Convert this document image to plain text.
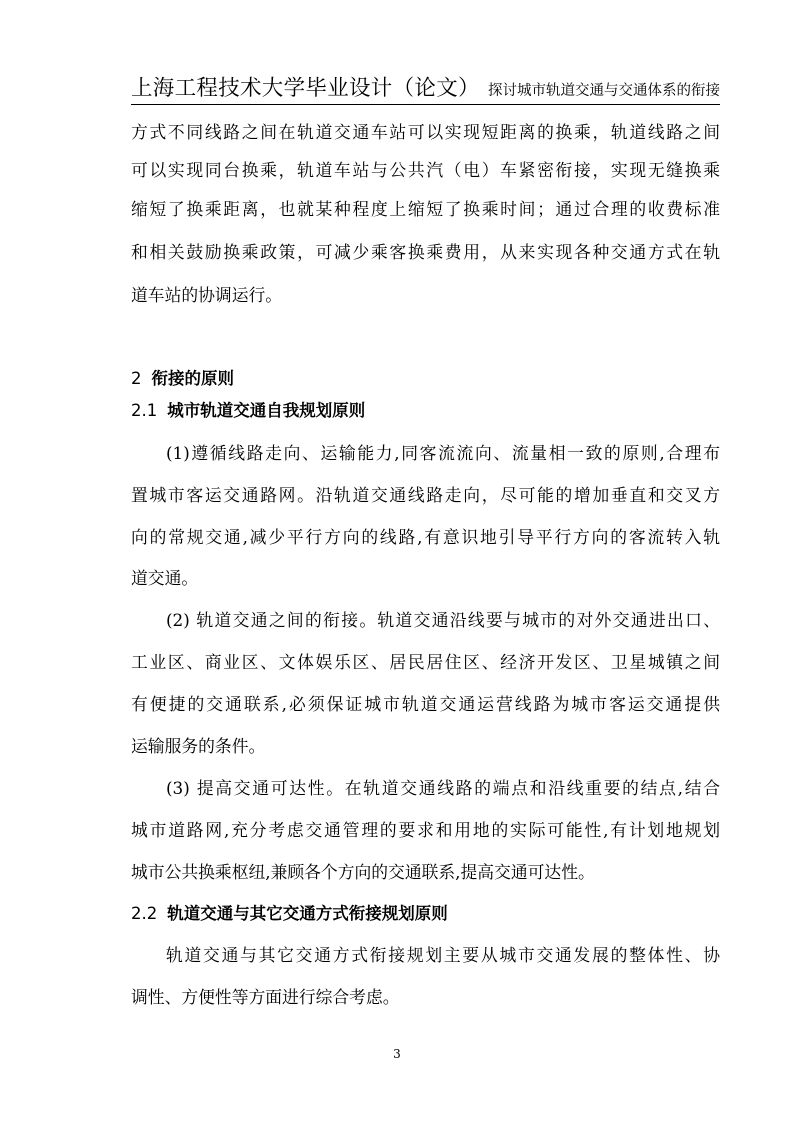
上海工程技术大学毕业设计（论文） 探讨城市轨道交通与交通体系的衔接
方式不同线路之间在轨道交通车站可以实现短距离的换乘，轨道线路之间
可以实现同台换乘，轨道车站与公共汽（电）车紧密衔接，实现无缝换乘
缩短了换乘距离，也就某种程度上缩短了换乘时间；通过合理的收费标准
和相关鼓励换乘政策，可减少乘客换乘费用，从来实现各种交通方式在轨
道车站的协调运行。
2 衔接的原则
2.1 城市轨道交通自我规划原则
(1)遵循线路走向、运输能力,同客流流向、流量相一致的原则,合理布
置城市客运交通路网。沿轨道交通线路走向，尽可能的增加垂直和交叉方
向的常规交通,减少平行方向的线路,有意识地引导平行方向的客流转入轨
道交通。
(2) 轨道交通之间的衔接。轨道交通沿线要与城市的对外交通进出口、
工业区、商业区、文体娱乐区、居民居住区、经济开发区、卫星城镇之间
有便捷的交通联系,必须保证城市轨道交通运营线路为城市客运交通提供
运输服务的条件。
(3) 提高交通可达性。在轨道交通线路的端点和沿线重要的结点,结合
城市道路网,充分考虑交通管理的要求和用地的实际可能性,有计划地规划
城市公共换乘枢纽,兼顾各个方向的交通联系,提高交通可达性。
2.2 轨道交通与其它交通方式衔接规划原则
轨道交通与其它交通方式衔接规划主要从城市交通发展的整体性、协
调性、方便性等方面进行综合考虑。
3
